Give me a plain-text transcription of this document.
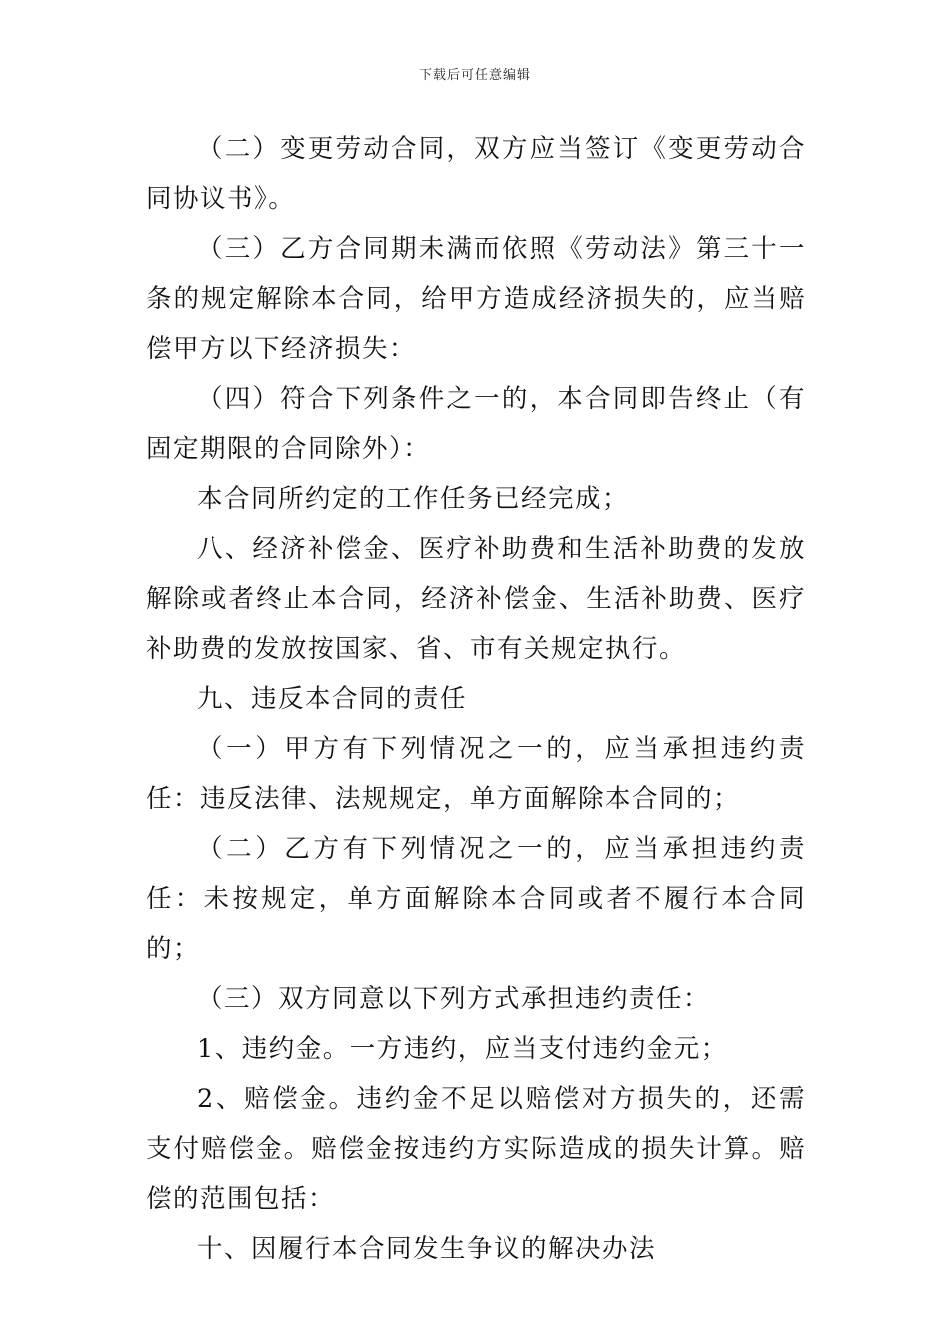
下载后可任意编辑

（二）变更劳动合同，双方应当签订《变更劳动合同协议书》。

（三）乙方合同期未满而依照《劳动法》第三十一条的规定解除本合同，给甲方造成经济损失的，应当赔偿甲方以下经济损失：

（四）符合下列条件之一的，本合同即告终止（有固定期限的合同除外）：

本合同所约定的工作任务已经完成；

八、经济补偿金、医疗补助费和生活补助费的发放解除或者终止本合同，经济补偿金、生活补助费、医疗补助费的发放按国家、省、市有关规定执行。

九、违反本合同的责任

（一）甲方有下列情况之一的，应当承担违约责任：违反法律、法规规定，单方面解除本合同的；

（二）乙方有下列情况之一的，应当承担违约责任：未按规定，单方面解除本合同或者不履行本合同的；

（三）双方同意以下列方式承担违约责任：

1、违约金。一方违约，应当支付违约金元；

2、赔偿金。违约金不足以赔偿对方损失的，还需支付赔偿金。赔偿金按违约方实际造成的损失计算。赔偿的范围包括：

十、因履行本合同发生争议的解决办法
